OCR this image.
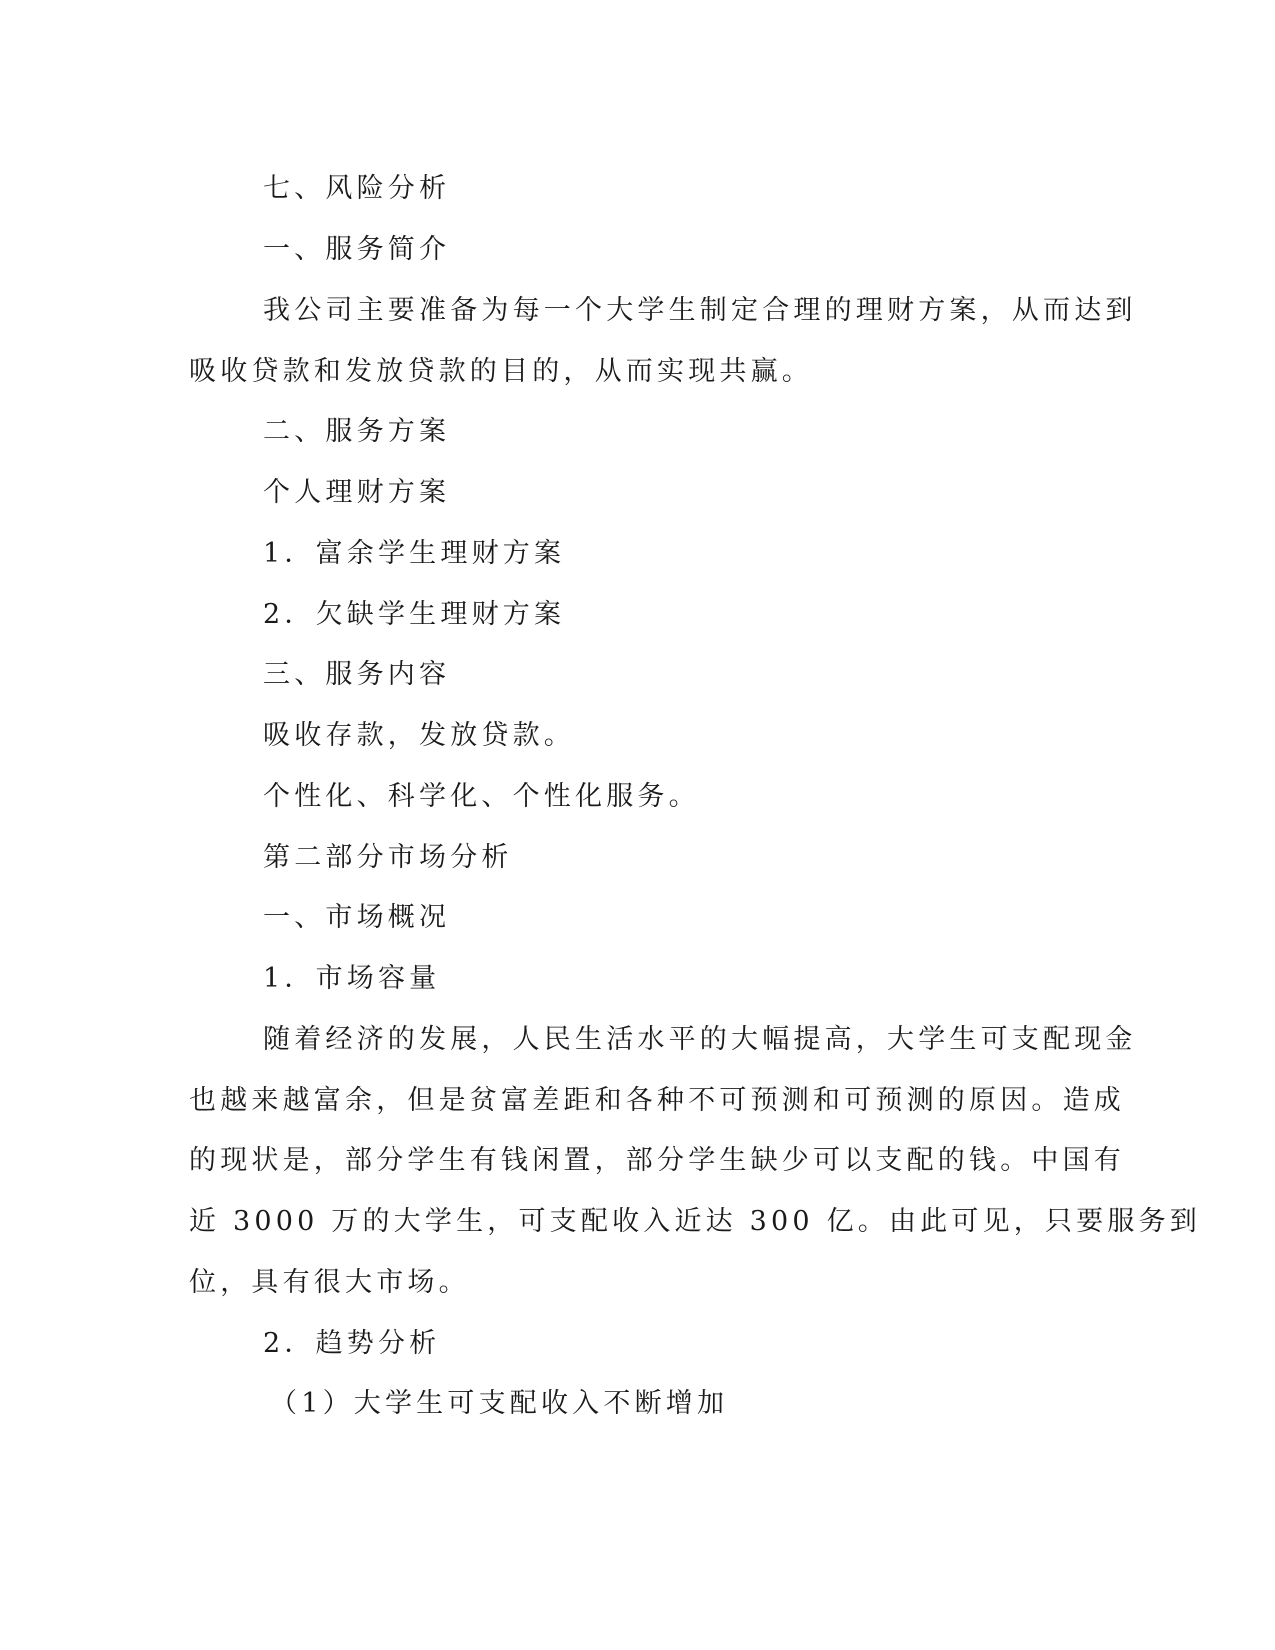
七、风险分析
一、服务简介
我公司主要准备为每一个大学生制定合理的理财方案，从而达到
吸收贷款和发放贷款的目的，从而实现共赢。
二、服务方案
个人理财方案
1．富余学生理财方案
2．欠缺学生理财方案
三、服务内容
吸收存款，发放贷款。
个性化、科学化、个性化服务。
第二部分市场分析
一、市场概况
1．市场容量
随着经济的发展，人民生活水平的大幅提高，大学生可支配现金
也越来越富余，但是贫富差距和各种不可预测和可预测的原因。造成
的现状是，部分学生有钱闲置，部分学生缺少可以支配的钱。中国有
近 3000 万的大学生，可支配收入近达 300 亿。由此可见，只要服务到
位，具有很大市场。
2．趋势分析
（1）大学生可支配收入不断增加
